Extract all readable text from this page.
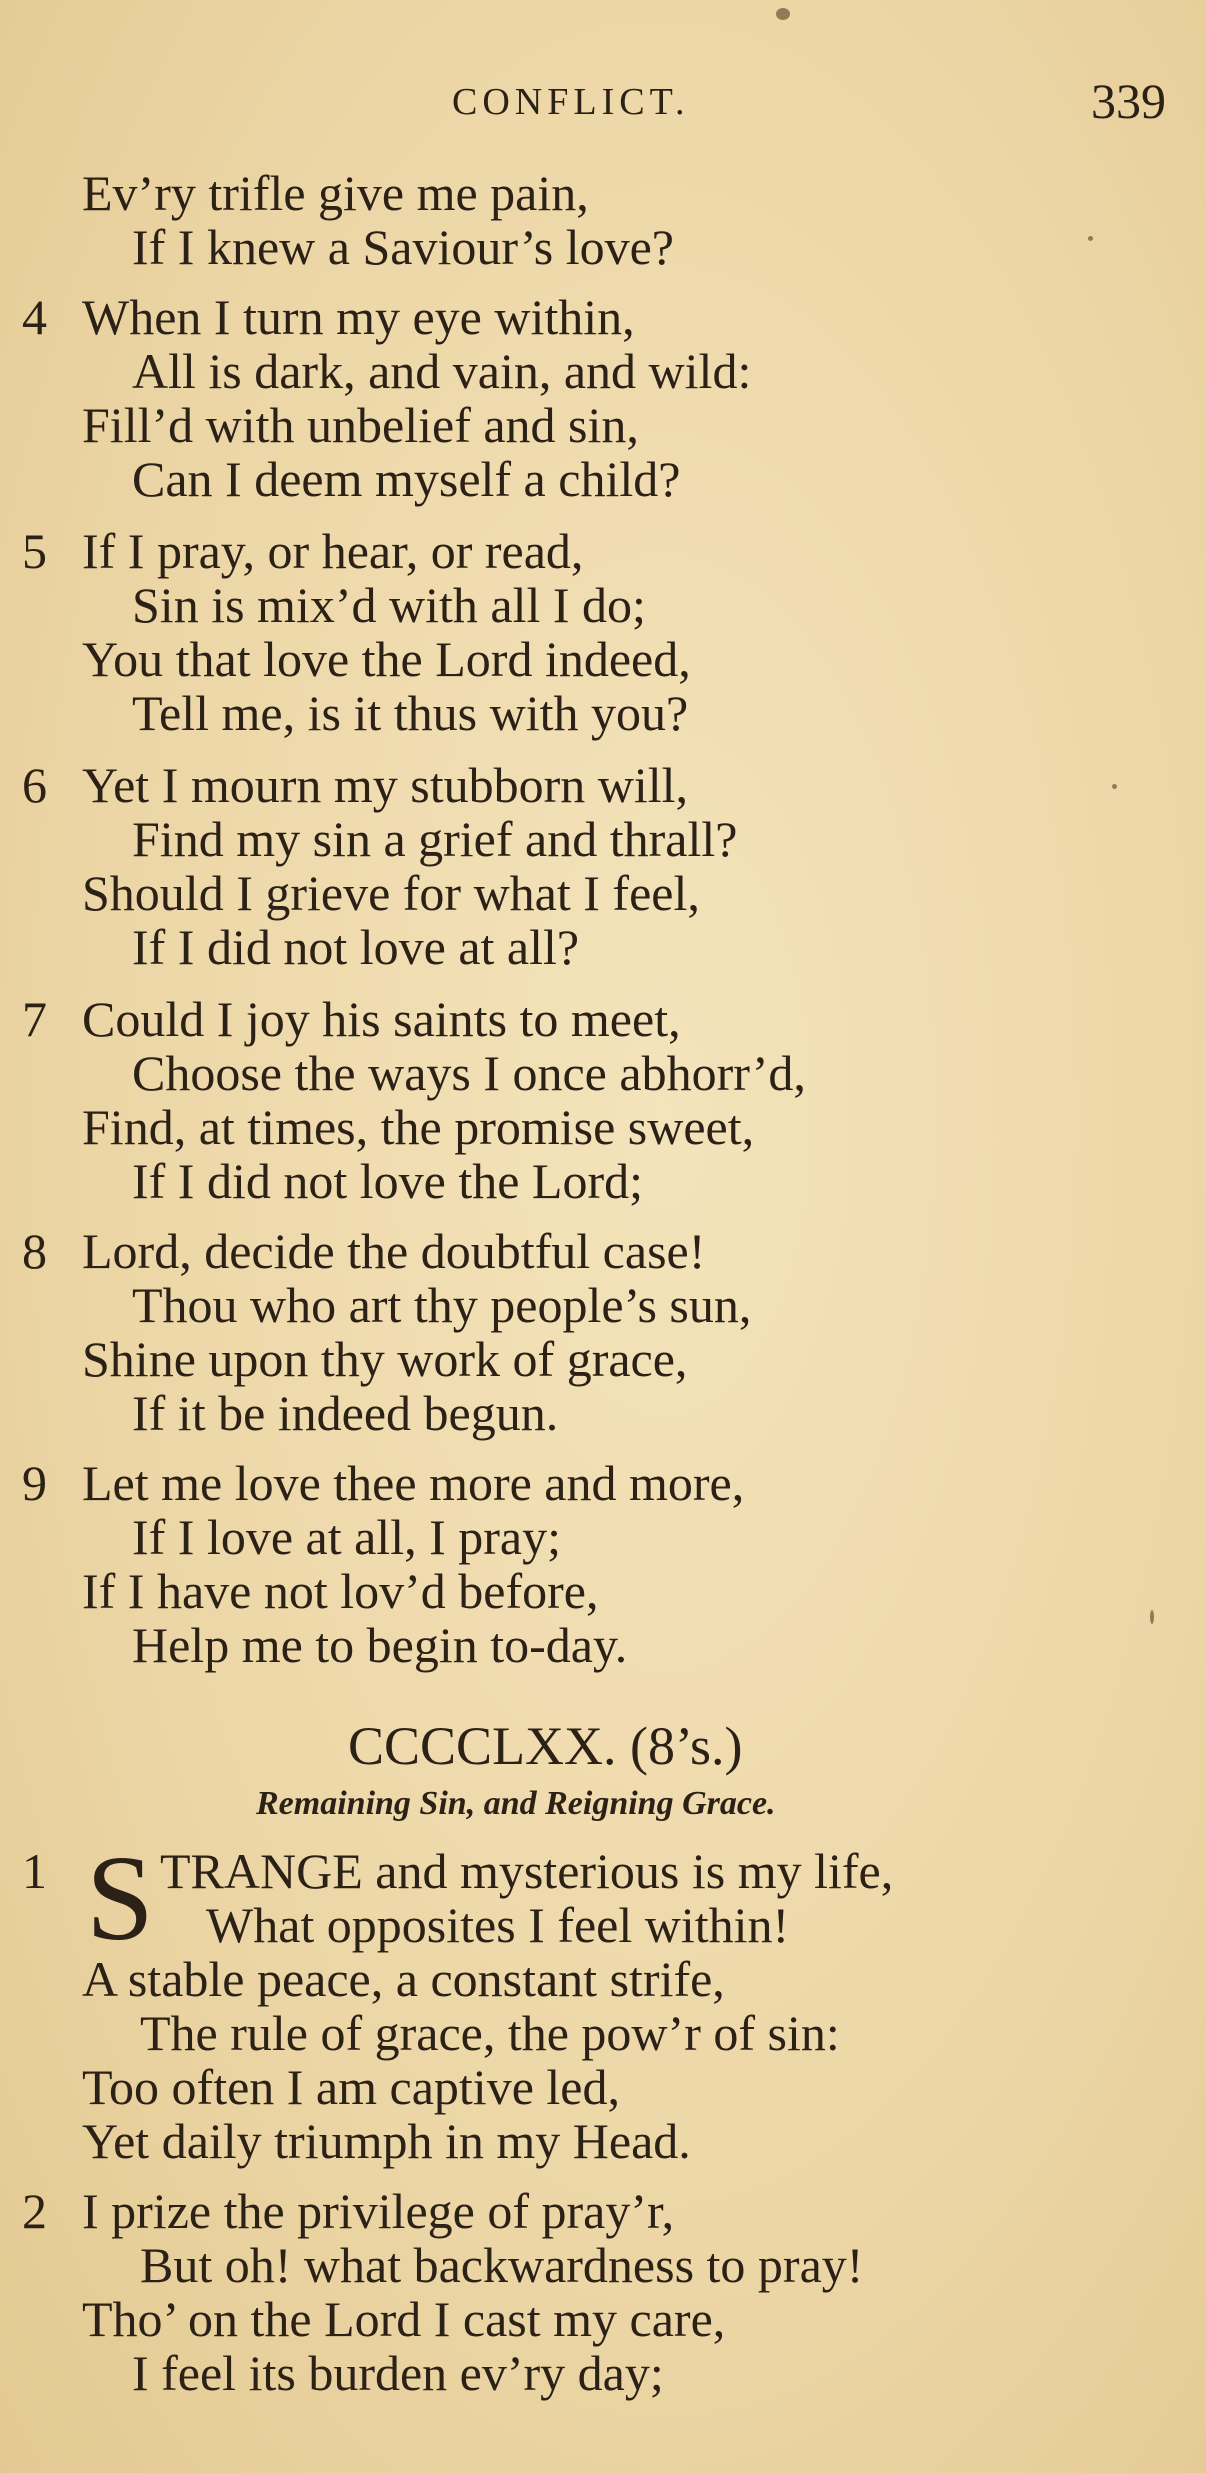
CONFLICT.	339
Ev’ry trifle give me pain,
If I knew a Saviour’s love?
4 When I turn my eye within,
All is dark, and vain, and wild:
Fill’d with unbelief and sin,
Can I deem myself a child?
5 If I pray, or hear, or read,
Sin is mix’d with all I do;
You that love the Lord indeed,
Tell me, is it thus with you?
6 Yet I mourn my stubborn will,
Find my sin a grief and thrall?
Should I grieve for what I feel,
If I did not love at all?
7 Could I joy his saints to meet,
Choose the ways I once abhorr’d,
Find, at times, the promise sweet,
If I did not love the Lord;
8 Lord, decide the doubtful case!
Thou who art thy people’s sun,
Shine upon thy work of grace,
If it be indeed begun.
9 Let me love thee more and more,
If I love at all, I pray;
If I have not lov’d before,
Help me to begin to-day.
CCCCLXX. (8’s.)
Remaining Sin, and Reigning Grace.
1 S TRANGE and mysterious is my life,
What opposites I feel within!
A stable peace, a constant strife,
The rule of grace, the pow’r of sin:
Too often I am captive led,
Yet daily triumph in my Head.
2 I prize the privilege of pray’r,
But oh! what backwardness to pray!
Tho’ on the Lord I cast my care,
I feel its burden ev’ry day;
